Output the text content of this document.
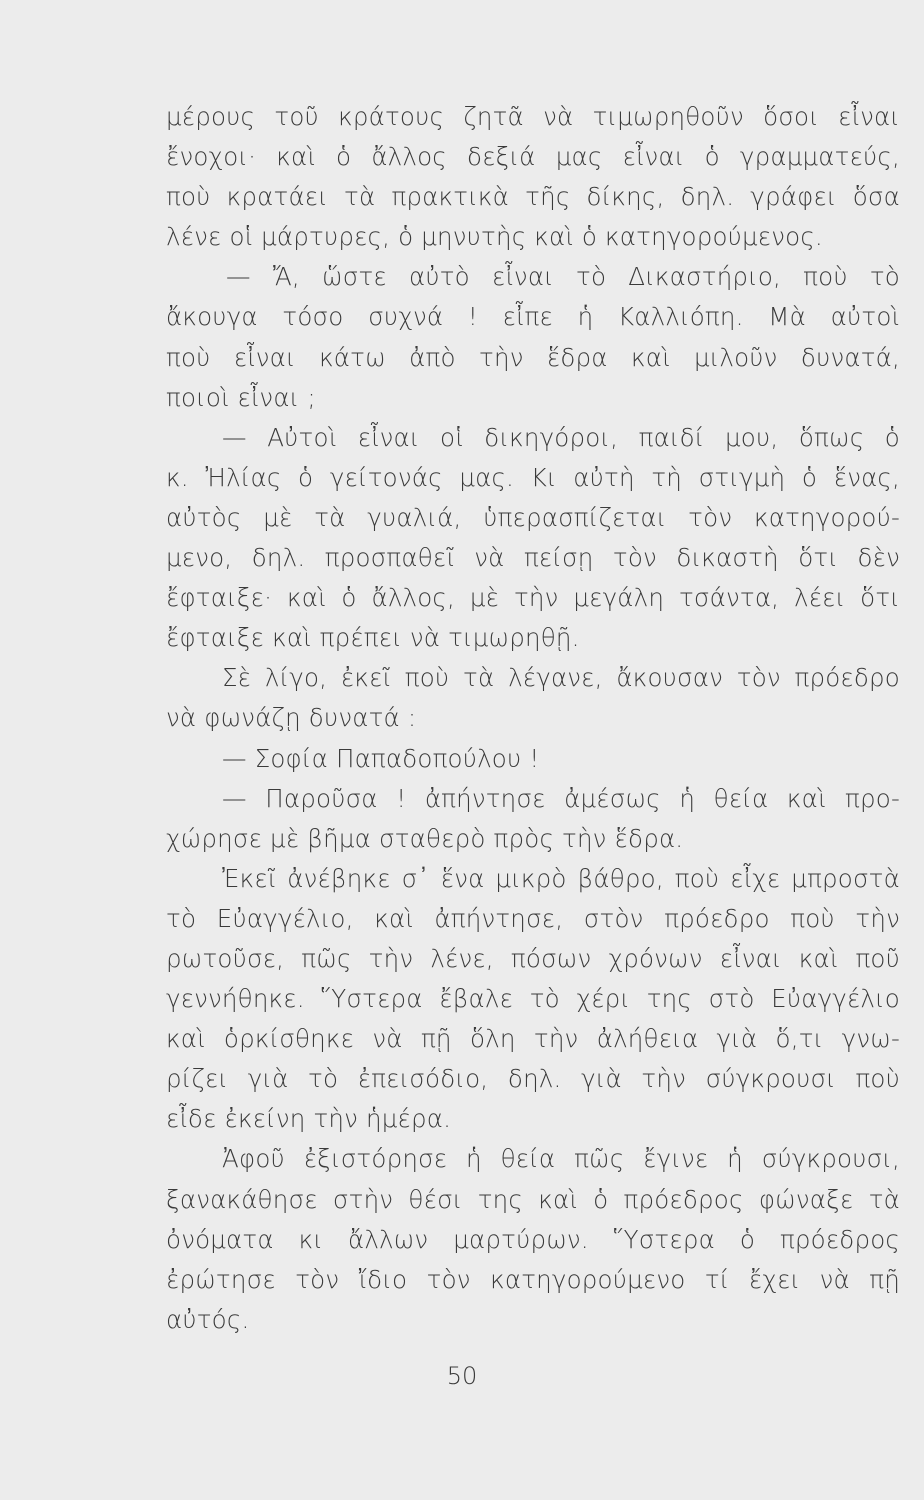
μέρους τοῦ κράτους ζητᾶ νὰ τιμωρηθοῦν ὅσοι εἶναι
ἔνοχοι· καὶ ὁ ἄλλος δεξιά μας εἶναι ὁ γραμματεύς,
ποὺ κρατάει τὰ πρακτικὰ τῆς δίκης, δηλ. γράφει ὅσα
λένε οἱ μάρτυρες, ὁ μηνυτὴς καὶ ὁ κατηγορούμενος.
— Ἄ, ὥστε αὐτὸ εἶναι τὸ Δικαστήριο, ποὺ τὸ
ἄκουγα τόσο συχνά ! εἶπε ἡ Καλλιόπη. Μὰ αὐτοὶ
ποὺ εἶναι κάτω ἀπὸ τὴν ἕδρα καὶ μιλοῦν δυνατά,
ποιοὶ εἶναι ;
— Αὐτοὶ εἶναι οἱ δικηγόροι, παιδί μου, ὅπως ὁ
κ. Ἠλίας ὁ γείτονάς μας. Κι αὐτὴ τὴ στιγμὴ ὁ ἕνας,
αὐτὸς μὲ τὰ γυαλιά, ὑπερασπίζεται τὸν κατηγορού-
μενο, δηλ. προσπαθεῖ νὰ πείσῃ τὸν δικαστὴ ὅτι δὲν
ἔφταιξε· καὶ ὁ ἄλλος, μὲ τὴν μεγάλη τσάντα, λέει ὅτι
ἔφταιξε καὶ πρέπει νὰ τιμωρηθῇ.
Σὲ λίγο, ἐκεῖ ποὺ τὰ λέγανε, ἄκουσαν τὸν πρόεδρο
νὰ φωνάζῃ δυνατά :
— Σοφία Παπαδοπούλου !
— Παροῦσα ! ἀπήντησε ἀμέσως ἡ θεία καὶ προ-
χώρησε μὲ βῆμα σταθερὸ πρὸς τὴν ἕδρα.
Ἐκεῖ ἀνέβηκε σ᾿ ἕνα μικρὸ βάθρο, ποὺ εἶχε μπροστὰ
τὸ Εὐαγγέλιο, καὶ ἀπήντησε, στὸν πρόεδρο ποὺ τὴν
ρωτοῦσε, πῶς τὴν λένε, πόσων χρόνων εἶναι καὶ ποῦ
γεννήθηκε. Ὕστερα ἔβαλε τὸ χέρι της στὸ Εὐαγγέλιο
καὶ ὁρκίσθηκε νὰ πῇ ὅλη τὴν ἀλήθεια γιὰ ὅ,τι γνω-
ρίζει γιὰ τὸ ἐπεισόδιο, δηλ. γιὰ τὴν σύγκρουσι ποὺ
εἶδε ἐκείνη τὴν ἡμέρα.
Ἀφοῦ ἐξιστόρησε ἡ θεία πῶς ἔγινε ἡ σύγκρουσι,
ξανακάθησε στὴν θέσι της καὶ ὁ πρόεδρος φώναξε τὰ
ὀνόματα κι ἄλλων μαρτύρων. Ὕστερα ὁ πρόεδρος
ἐρώτησε τὸν ἴδιο τὸν κατηγορούμενο τί ἔχει νὰ πῇ
αὐτός.
50
